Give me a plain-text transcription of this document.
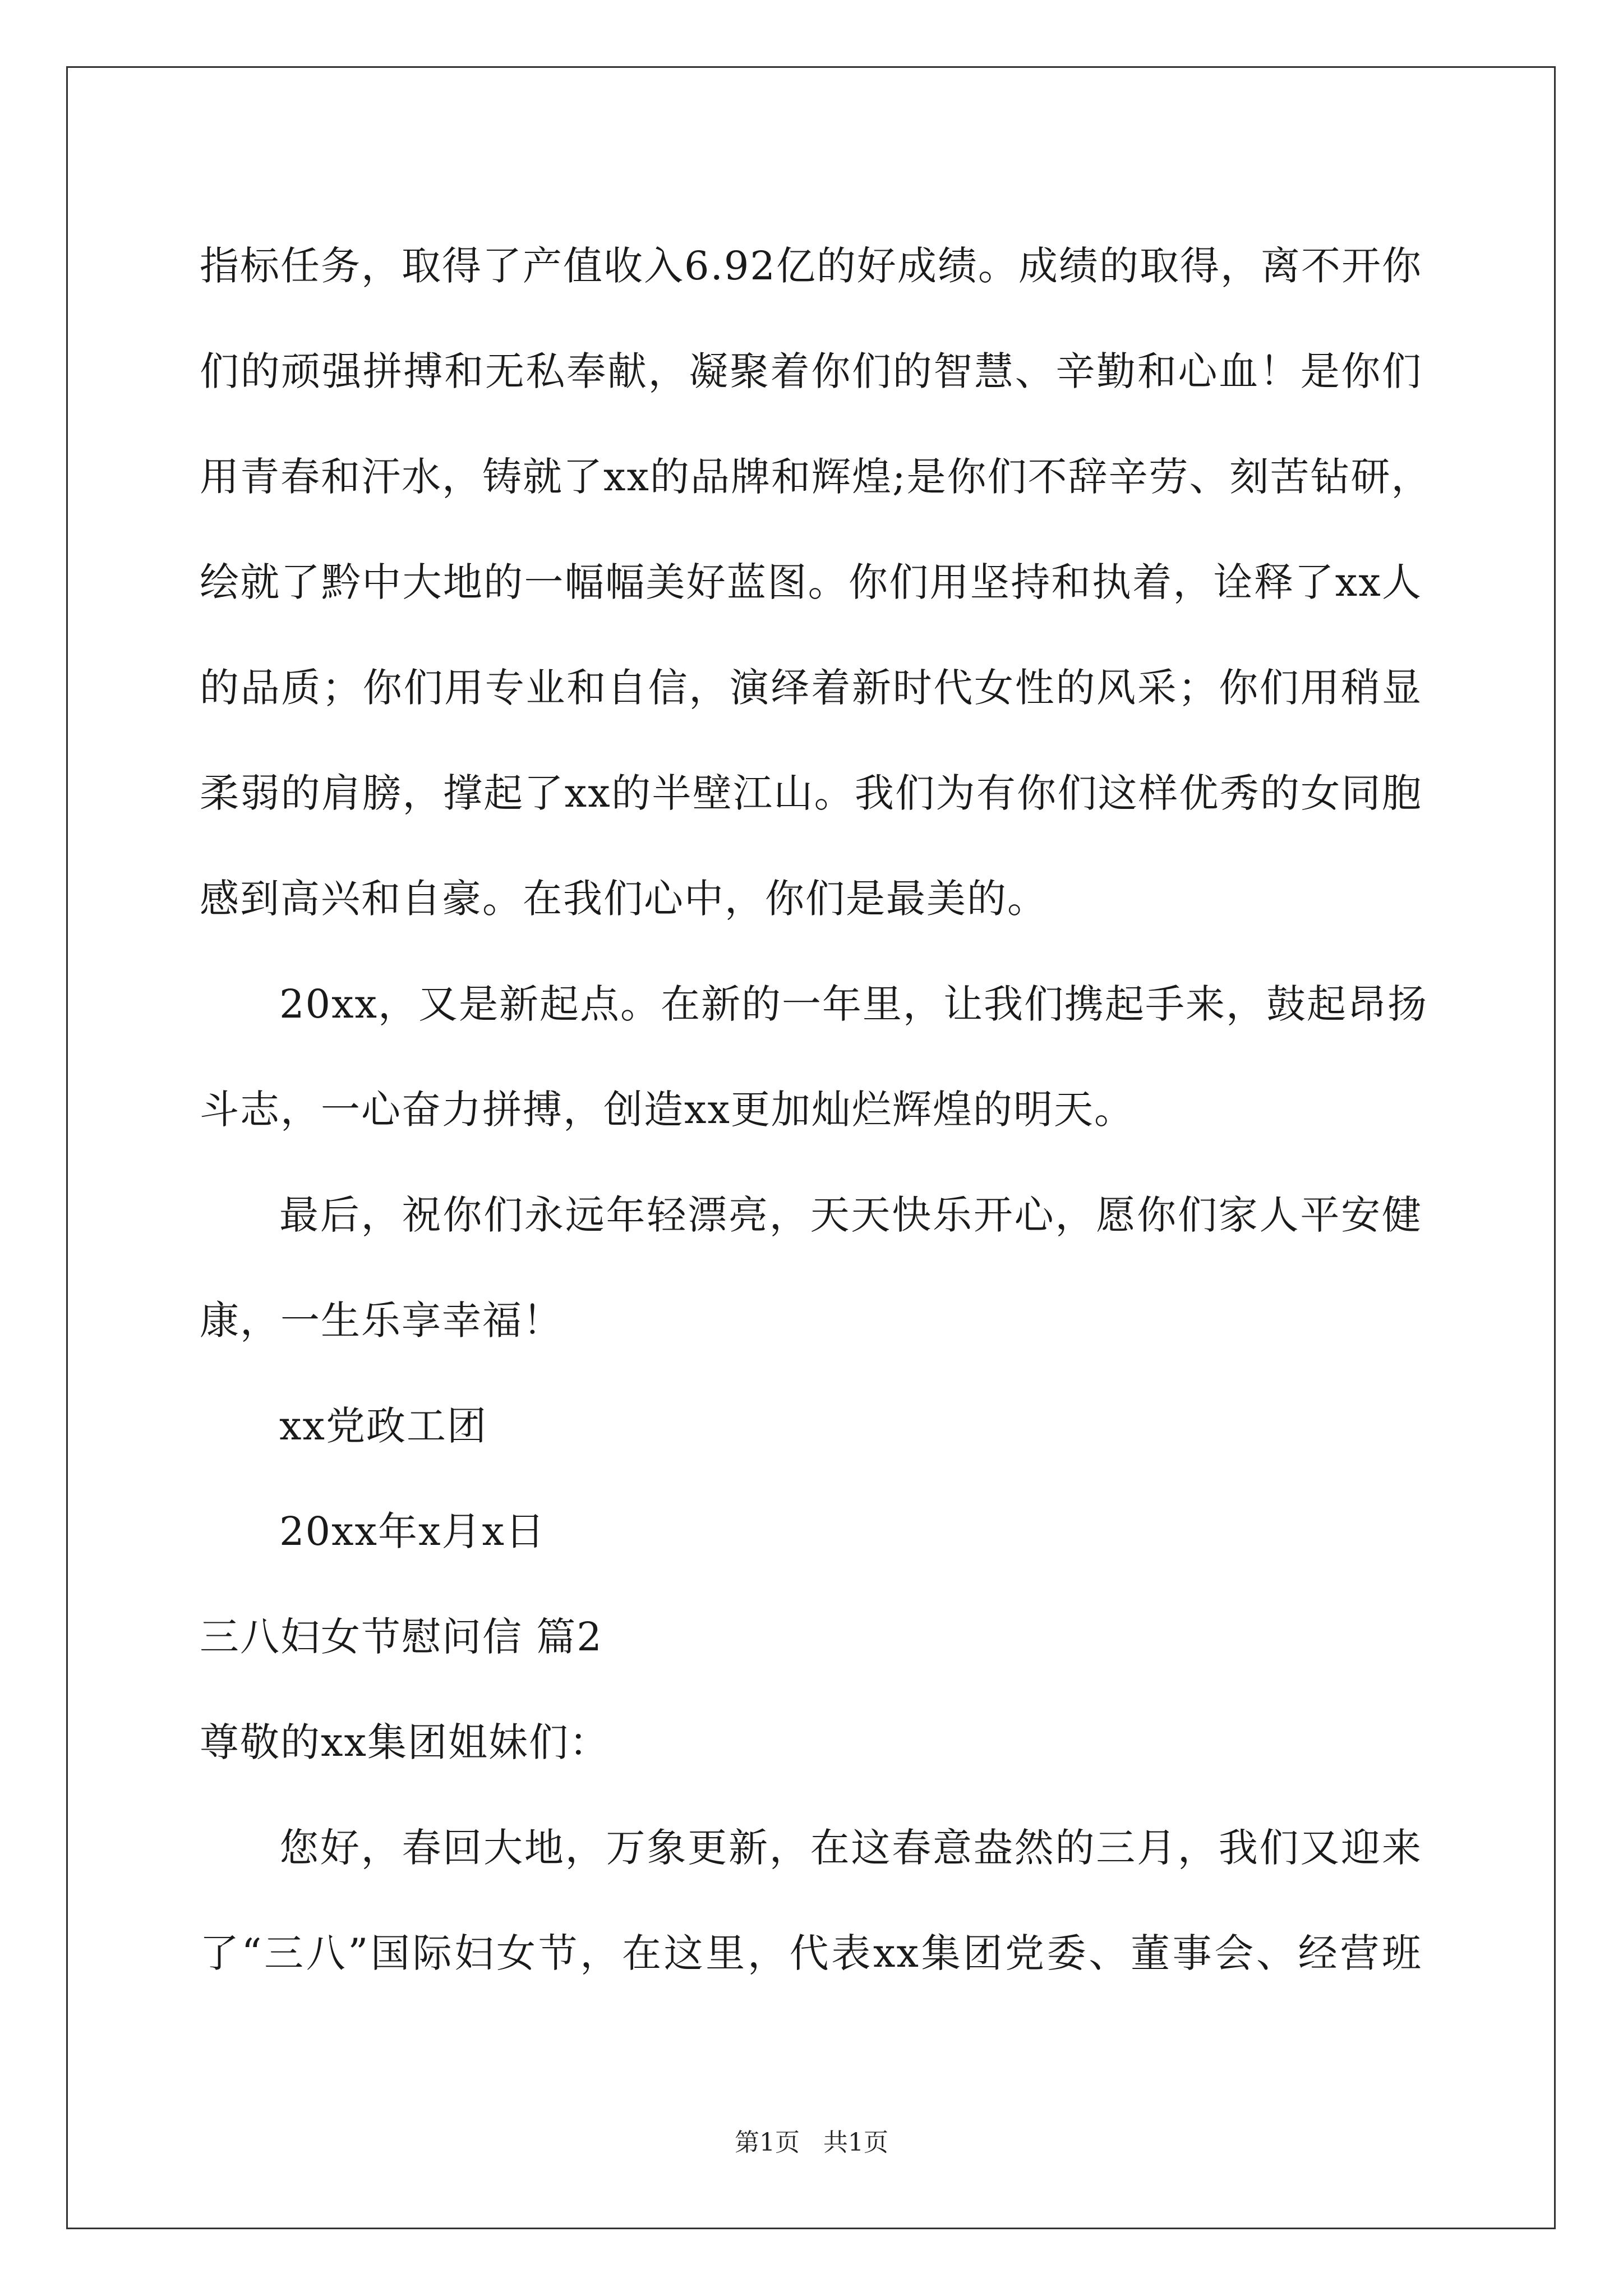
指标任务，取得了产值收入6.92亿的好成绩。成绩的取得，离不开你
们的顽强拼搏和无私奉献，凝聚着你们的智慧、辛勤和心血！是你们
用青春和汗水，铸就了xx的品牌和辉煌;是你们不辞辛劳、刻苦钻研，
绘就了黔中大地的一幅幅美好蓝图。你们用坚持和执着，诠释了xx人
的品质；你们用专业和自信，演绎着新时代女性的风采；你们用稍显
柔弱的肩膀，撑起了xx的半壁江山。我们为有你们这样优秀的女同胞
感到高兴和自豪。在我们心中，你们是最美的。
20xx，又是新起点。在新的一年里，让我们携起手来，鼓起昂扬
斗志，一心奋力拼搏，创造xx更加灿烂辉煌的明天。
最后，祝你们永远年轻漂亮，天天快乐开心，愿你们家人平安健
康，一生乐享幸福！
xx党政工团
20xx年x月x日
三八妇女节慰问信 篇2
尊敬的xx集团姐妹们：
您好，春回大地，万象更新，在这春意盎然的三月，我们又迎来
了“三八”国际妇女节，在这里，代表xx集团党委、董事会、经营班
第1页   共1页
